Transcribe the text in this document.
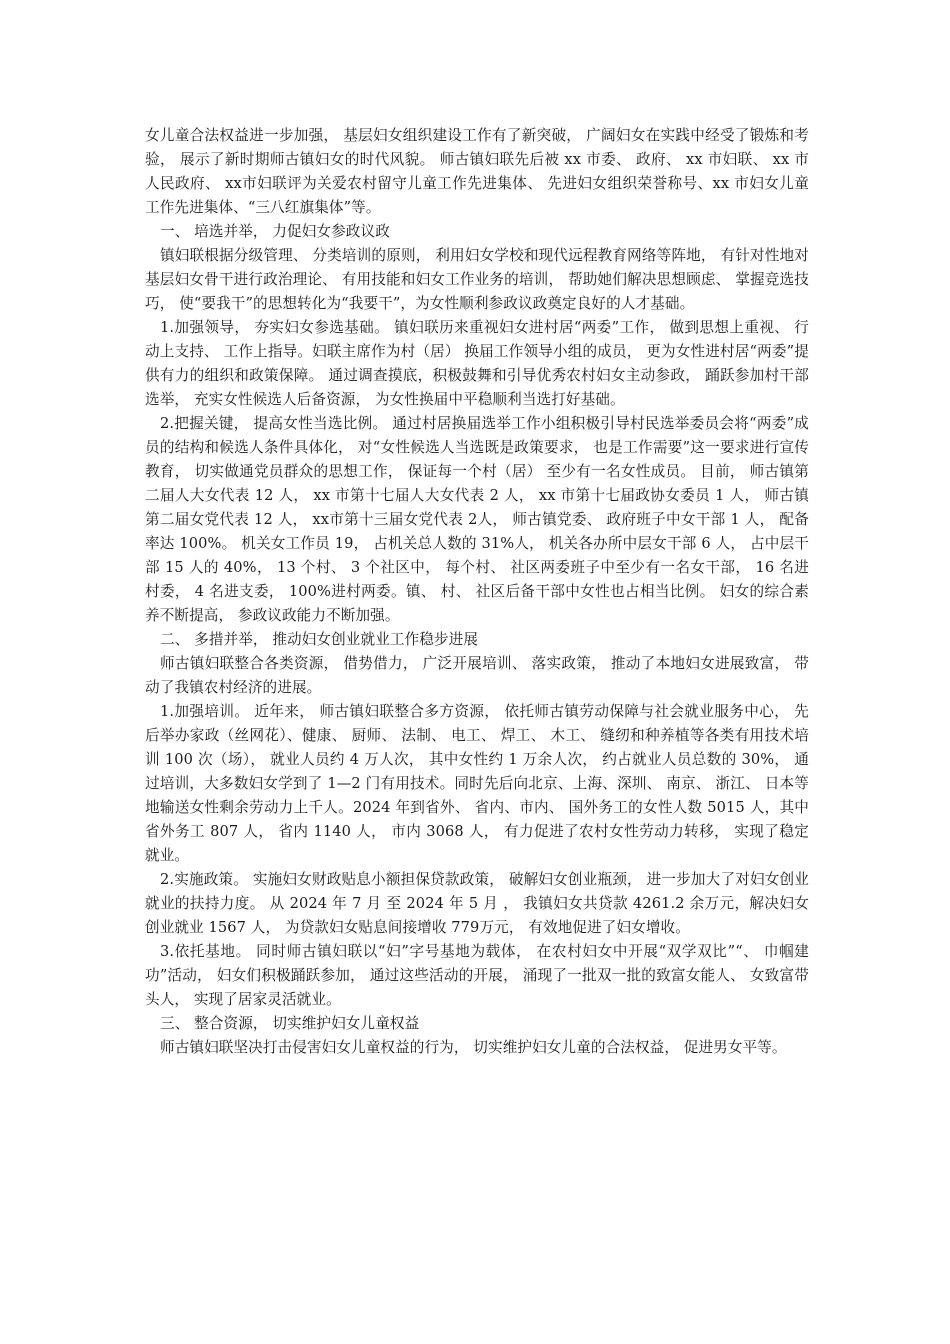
女儿童合法权益进一步加强， 基层妇女组织建设工作有了新突破， 广阔妇女在实践中经受了锻炼和考验， 展示了新时期师古镇妇女的时代风貌。 师古镇妇联先后被 xx 市委、 政府、 xx 市妇联、 xx 市人民政府、 xx市妇联评为关爱农村留守儿童工作先进集体、 先进妇女组织荣誉称号、xx 市妇女儿童工作先进集体、“三八红旗集体”等。

一、 培选并举， 力促妇女参政议政

镇妇联根据分级管理、 分类培训的原则， 利用妇女学校和现代远程教育网络等阵地， 有针对性地对基层妇女骨干进行政治理论、 有用技能和妇女工作业务的培训， 帮助她们解决思想顾虑、 掌握竞选技巧， 使“要我干”的思想转化为“我要干”，为女性顺利参政议政奠定良好的人才基础。

1.加强领导， 夯实妇女参选基础。 镇妇联历来重视妇女进村居“两委”工作， 做到思想上重视、 行动上支持、 工作上指导。妇联主席作为村（居） 换届工作领导小组的成员， 更为女性进村居“两委”提供有力的组织和政策保障。 通过调查摸底，积极鼓舞和引导优秀农村妇女主动参政， 踊跃参加村干部选举， 充实女性候选人后备资源， 为女性换届中平稳顺利当选打好基础。

2.把握关键， 提高女性当选比例。 通过村居换届选举工作小组积极引导村民选举委员会将“两委”成员的结构和候选人条件具体化， 对“女性候选人当选既是政策要求， 也是工作需要”这一要求进行宣传教育， 切实做通党员群众的思想工作， 保证每一个村（居） 至少有一名女性成员。 目前， 师古镇第二届人大女代表 12 人， xx 市第十七届人大女代表 2 人， xx 市第十七届政协女委员 1 人， 师古镇第二届女党代表 12 人， xx市第十三届女党代表 2人， 师古镇党委、 政府班子中女干部 1 人， 配备率达 100%。 机关女工作员 19， 占机关总人数的 31%人， 机关各办所中层女干部 6 人， 占中层干部 15 人的 40%， 13 个村、 3 个社区中， 每个村、 社区两委班子中至少有一名女干部， 16 名进村委， 4 名进支委， 100%进村两委。镇、 村、 社区后备干部中女性也占相当比例。 妇女的综合素养不断提高， 参政议政能力不断加强。

二、 多措并举， 推动妇女创业就业工作稳步进展

师古镇妇联整合各类资源， 借势借力， 广泛开展培训、 落实政策， 推动了本地妇女进展致富， 带动了我镇农村经济的进展。

1.加强培训。 近年来， 师古镇妇联整合多方资源， 依托师古镇劳动保障与社会就业服务中心， 先后举办家政（丝网花）、健康、 厨师、 法制、 电工、 焊工、 木工、 缝纫和种养植等各类有用技术培训 100 次（场）， 就业人员约 4 万人次， 其中女性约 1 万余人次， 约占就业人员总数的 30%， 通过培训，大多数妇女学到了 1—2 门有用技术。同时先后向北京、上海、深圳、 南京、 浙江、 日本等地输送女性剩余劳动力上千人。2024 年到省外、 省内、市内、 国外务工的女性人数 5015 人，其中省外务工 807 人， 省内 1140 人， 市内 3068 人， 有力促进了农村女性劳动力转移， 实现了稳定就业。

2.实施政策。 实施妇女财政贴息小额担保贷款政策， 破解妇女创业瓶颈， 进一步加大了对妇女创业就业的扶持力度。 从 2024 年 7 月 至 2024 年 5 月 ， 我镇妇女共贷款 4261.2 余万元，解决妇女创业就业 1567 人， 为贷款妇女贴息间接增收 779万元， 有效地促进了妇女增收。

3.依托基地。 同时师古镇妇联以“妇”字号基地为载体， 在农村妇女中开展“双学双比”“、 巾帼建功”活动， 妇女们积极踊跃参加， 通过这些活动的开展， 涌现了一批双一批的致富女能人、 女致富带头人， 实现了居家灵活就业。

三、 整合资源， 切实维护妇女儿童权益

师古镇妇联坚决打击侵害妇女儿童权益的行为， 切实维护妇女儿童的合法权益， 促进男女平等。
